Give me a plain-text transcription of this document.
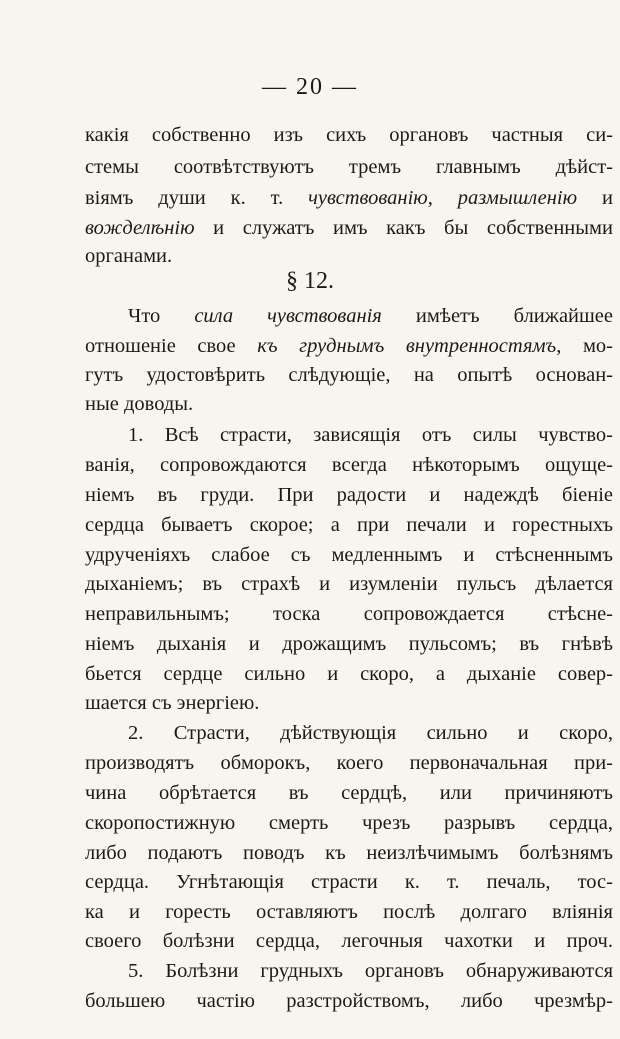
— 20 —
какія собственно изъ сихъ органовъ частныя си-
стемы соотвѣтствуютъ тремъ главнымъ дѣйст-
віямъ души к. т. чувствованію, размышленію и
вожделѣнію и служатъ имъ какъ бы собственными
органами.
§ 12.
Что сила чувствованія имѣетъ ближайшее
отношеніе свое къ груднымъ внутренностямъ, мо-
гутъ удостовѣрить слѣдующіе, на опытѣ основан-
ные доводы.
1. Всѣ страсти, зависящія отъ силы чувство-
ванія, сопровождаются всегда нѣкоторымъ ощуще-
ніемъ въ груди. При радости и надеждѣ біеніе
сердца бываетъ скорое; а при печали и горестныхъ
удрученіяхъ слабое съ медленнымъ и стѣсненнымъ
дыханіемъ; въ страхѣ и изумленіи пульсъ дѣлается
неправильнымъ; тоска сопровождается стѣсне-
ніемъ дыханія и дрожащимъ пульсомъ; въ гнѣвѣ
бьется сердце сильно и скоро, а дыханіе совер-
шается съ энергіею.
2. Страсти, дѣйствующія сильно и скоро,
производятъ обморокъ, коего первоначальная при-
чина обрѣтается въ сердцѣ, или причиняютъ
скоропостижную смерть чрезъ разрывъ сердца,
либо подаютъ поводъ къ неизлѣчимымъ болѣзнямъ
сердца. Угнѣтающія страсти к. т. печаль, тос-
ка и горесть оставляютъ послѣ долгаго вліянія
своего болѣзни сердца, легочныя чахотки и проч.
5. Болѣзни грудныхъ органовъ обнаруживаются
большею частію разстройствомъ, либо чрезмѣр-
